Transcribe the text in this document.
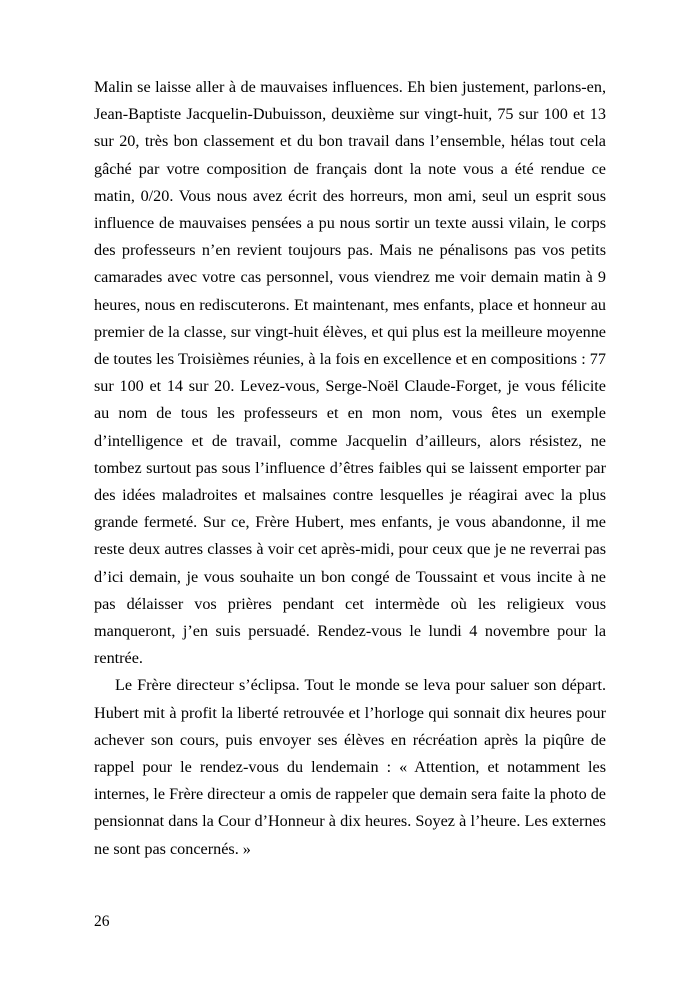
Malin se laisse aller à de mauvaises influences. Eh bien justement, parlons-en, Jean-Baptiste Jacquelin-Dubuisson, deuxième sur vingt-huit, 75 sur 100 et 13 sur 20, très bon classement et du bon travail dans l’ensemble, hélas tout cela gâché par votre composition de français dont la note vous a été rendue ce matin, 0/20. Vous nous avez écrit des horreurs, mon ami, seul un esprit sous influence de mauvaises pensées a pu nous sortir un texte aussi vilain, le corps des professeurs n’en revient toujours pas. Mais ne pénalisons pas vos petits camarades avec votre cas personnel, vous viendrez me voir demain matin à 9 heures, nous en rediscuterons. Et maintenant, mes enfants, place et honneur au premier de la classe, sur vingt-huit élèves, et qui plus est la meilleure moyenne de toutes les Troisièmes réunies, à la fois en excellence et en compositions : 77 sur 100 et 14 sur 20. Levez-vous, Serge-Noël Claude-Forget, je vous félicite au nom de tous les professeurs et en mon nom, vous êtes un exemple d’intelligence et de travail, comme Jacquelin d’ailleurs, alors résistez, ne tombez surtout pas sous l’influence d’êtres faibles qui se laissent emporter par des idées maladroites et malsaines contre lesquelles je réagirai avec la plus grande fermeté. Sur ce, Frère Hubert, mes enfants, je vous abandonne, il me reste deux autres classes à voir cet après-midi, pour ceux que je ne reverrai pas d’ici demain, je vous souhaite un bon congé de Toussaint et vous incite à ne pas délaisser vos prières pendant cet intermède où les religieux vous manqueront, j’en suis persuadé. Rendez-vous le lundi 4 novembre pour la rentrée.

Le Frère directeur s’éclipsa. Tout le monde se leva pour saluer son départ. Hubert mit à profit la liberté retrouvée et l’horloge qui sonnait dix heures pour achever son cours, puis envoyer ses élèves en récréation après la piqûre de rappel pour le rendez-vous du lendemain : « Attention, et notamment les internes, le Frère directeur a omis de rappeler que demain sera faite la photo de pensionnat dans la Cour d’Honneur à dix heures. Soyez à l’heure. Les externes ne sont pas concernés. »

26
